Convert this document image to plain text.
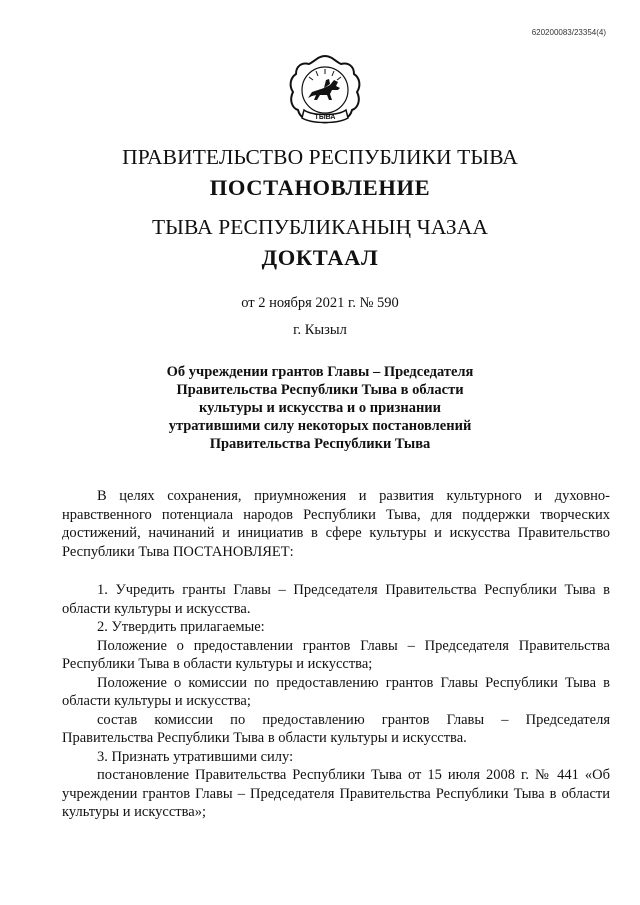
620200083/23354(4)
ТЫВА
ПРАВИТЕЛЬСТВО РЕСПУБЛИКИ ТЫВА
ПОСТАНОВЛЕНИЕ
ТЫВА РЕСПУБЛИКАНЫҢ ЧАЗАА
ДОКТААЛ
от 2 ноября 2021 г. № 590
г. Кызыл
Об учреждении грантов Главы – Председателя
Правительства Республики Тыва в области
культуры и искусства и о признании
утратившими силу некоторых постановлений
Правительства Республики Тыва

В целях сохранения, приумножения и развития культурного и духовно-нравственного потенциала народов Республики Тыва, для поддержки творческих достижений, начинаний и инициатив в сфере культуры и искусства Правительство Республики Тыва ПОСТАНОВЛЯЕТ:

1. Учредить гранты Главы – Председателя Правительства Республики Тыва в области культуры и искусства.

2. Утвердить прилагаемые:

Положение о предоставлении грантов Главы – Председателя Правительства Республики Тыва в области культуры и искусства;

Положение о комиссии по предоставлению грантов Главы Республики Тыва в области культуры и искусства;

состав комиссии по предоставлению грантов Главы – Председателя Правительства Республики Тыва в области культуры и искусства.

3. Признать утратившими силу:

постановление Правительства Республики Тыва от 15 июля 2008 г. № 441 «Об учреждении грантов Главы – Председателя Правительства Республики Тыва в области культуры и искусства»;
